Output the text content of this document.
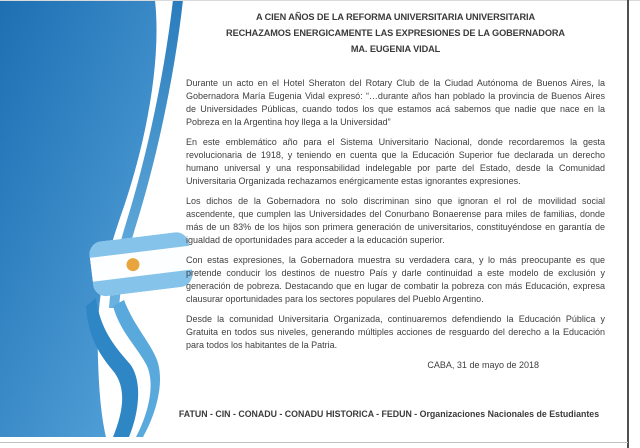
A CIEN AÑOS DE LA REFORMA UNIVERSITARIA UNIVERSITARIA
RECHAZAMOS ENERGICAMENTE LAS EXPRESIONES DE LA GOBERNADORA
MA. EUGENIA VIDAL

Durante un acto en el Hotel Sheraton del Rotary Club de la Ciudad Autónoma de Buenos Aires, la Gobernadora María Eugenia Vidal expresó: “…durante años han poblado la provincia de Buenos Aires de Universidades Públicas, cuando todos los que estamos acá sabemos que nadie que nace en la Pobreza en la Argentina hoy llega a la Universidad”

En este emblemático año para el Sistema Universitario Nacional, donde recordaremos la gesta revolucionaria de 1918, y teniendo en cuenta que la Educación Superior fue declarada un derecho humano universal y una responsabilidad indelegable por parte del Estado, desde la Comunidad Universitaria Organizada rechazamos enérgicamente estas ignorantes expresiones.

Los dichos de la Gobernadora no solo discriminan sino que ignoran el rol de movilidad social ascendente, que cumplen las Universidades del Conurbano Bonaerense para miles de familias, donde más de un 83% de los hijos son primera generación de universitarios, constituyéndose en garantía de igualdad de oportunidades para acceder a la educación superior.

Con estas expresiones, la Gobernadora muestra su verdadera cara, y lo más preocupante es que pretende conducir los destinos de nuestro País y darle continuidad a este modelo de exclusión y generación de pobreza. Destacando que en lugar de combatir la pobreza con más Educación, expresa clausurar oportunidades para los sectores populares del Pueblo Argentino.

Desde la comunidad Universitaria Organizada, continuaremos defendiendo la Educación Pública y Gratuita en todos sus niveles, generando múltiples acciones de resguardo del derecho a la Educación para todos los habitantes de la Patria.

CABA, 31 de mayo de 2018
FATUN - CIN - CONADU - CONADU HISTORICA - FEDUN - Organizaciones Nacionales de Estudiantes
